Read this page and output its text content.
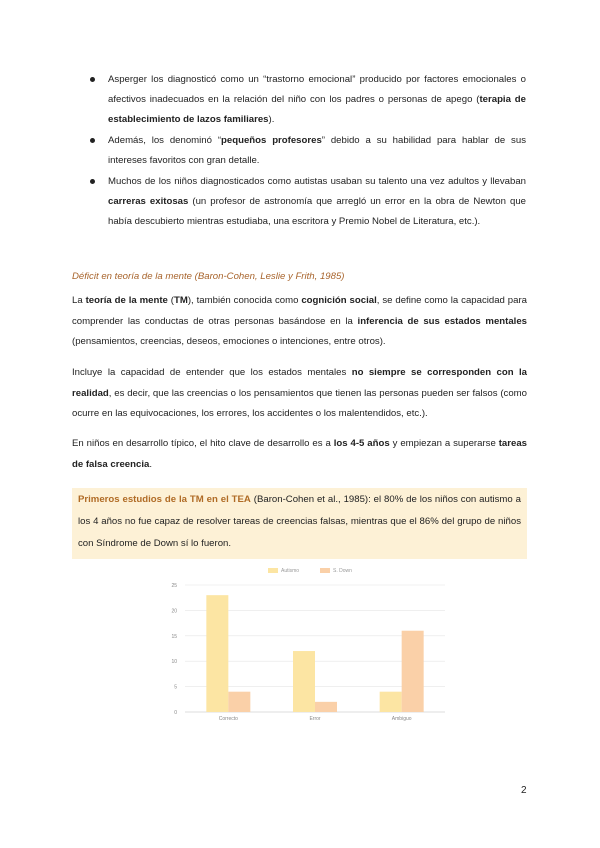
Asperger los diagnosticó como un “trastorno emocional” producido por factores emocionales o afectivos inadecuados en la relación del niño con los padres o personas de apego (terapia de establecimiento de lazos familiares).
Además, los denominó “pequeños profesores” debido a su habilidad para hablar de sus intereses favoritos con gran detalle.
Muchos de los niños diagnosticados como autistas usaban su talento una vez adultos y llevaban carreras exitosas (un profesor de astronomía que arregló un error en la obra de Newton que había descubierto mientras estudiaba, una escritora y Premio Nobel de Literatura, etc.).
Déficit en teoría de la mente (Baron-Cohen, Leslie y Frith, 1985)

La teoría de la mente (TM), también conocida como cognición social, se define como la capacidad para comprender las conductas de otras personas basándose en la inferencia de sus estados mentales (pensamientos, creencias, deseos, emociones o intenciones, entre otros).

Incluye la capacidad de entender que los estados mentales no siempre se corresponden con la realidad, es decir, que las creencias o los pensamientos que tienen las personas pueden ser falsos (como ocurre en las equivocaciones, los errores, los accidentes o los malentendidos, etc.).

En niños en desarrollo típico, el hito clave de desarrollo es a los 4-5 años y empiezan a superarse tareas de falsa creencia.

Primeros estudios de la TM en el TEA (Baron-Cohen et al., 1985): el 80% de los niños con autismo a los 4 años no fue capaz de resolver tareas de creencias falsas, mientras que el 86% del grupo de niños con Síndrome de Down sí lo fueron.

0
5
10
15
20
25
Autismo	S. Down
Correcto	Error	Ambiguo
2
